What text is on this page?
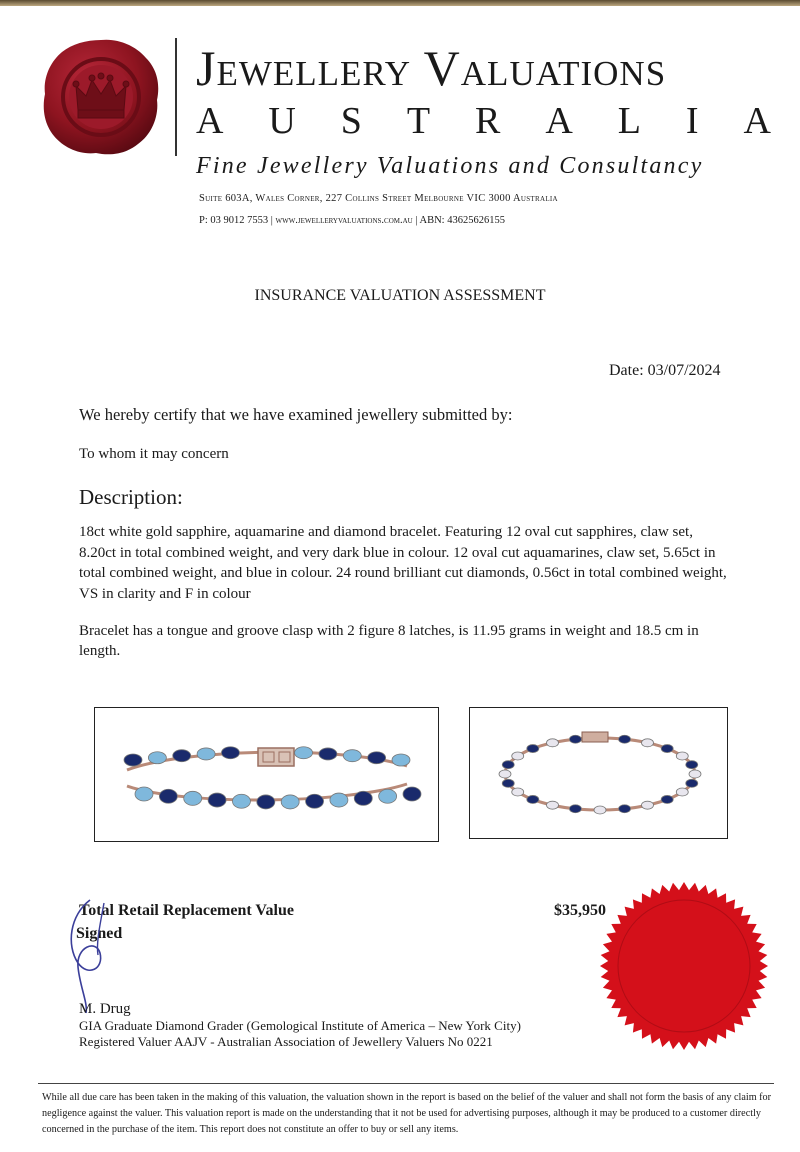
Jewellery Valuations
A U S T R A L I A
Fine Jewellery Valuations and Consultancy
Suite 603A, Wales Corner, 227 Collins Street Melbourne VIC 3000 Australia
P: 03 9012 7553 | www.jewelleryvaluations.com.au | ABN: 43625626155
INSURANCE VALUATION ASSESSMENT
Date: 03/07/2024
We hereby certify that we have examined jewellery submitted by:
To whom it may concern
Description:
18ct white gold sapphire, aquamarine and diamond bracelet. Featuring 12 oval cut sapphires, claw set, 8.20ct in total combined weight, and very dark blue in colour. 12 oval cut aquamarines, claw set, 5.65ct in total combined weight, and blue in colour. 24 round brilliant cut diamonds, 0.56ct in total combined weight, VS in clarity and F in colour
Bracelet has a tongue and groove clasp with 2 figure 8 latches, is 11.95 grams in weight and 18.5 cm in length.
Total Retail Replacement Value	$35,950
Signed
M. Drug
GIA Graduate Diamond Grader (Gemological Institute of America – New York City)
Registered Valuer AAJV - Australian Association of Jewellery Valuers No 0221
While all due care has been taken in the making of this valuation, the valuation shown in the report is based on the belief of the valuer and shall not form the basis of any claim for negligence against the valuer. This valuation report is made on the understanding that it not be used for advertising purposes, although it may be produced to a customer directly concerned in the purchase of the item. This report does not constitute an offer to buy or sell any items.
